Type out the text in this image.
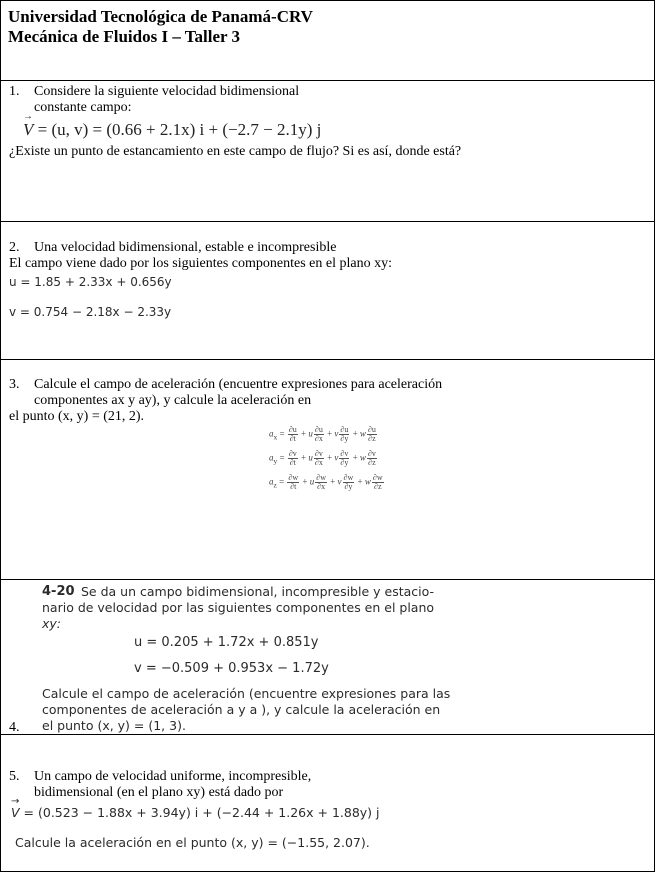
Universidad Tecnológica de Panamá-CRV
Mecánica de Fluidos I – Taller 3
1. Considere la siguiente velocidad bidimensional
constante campo:
→ V = (u, v) = (0.66 + 2.1x) i + (−2.7 − 2.1y) j
¿Existe un punto de estancamiento en este campo de flujo? Si es así, donde está?
2. Una velocidad bidimensional, estable e incompresible
El campo viene dado por los siguientes componentes en el plano xy:
u = 1.85 + 2.33x + 0.656y
v = 0.754 − 2.18x − 2.33y
3. Calcule el campo de aceleración (encuentre expresiones para aceleración
componentes ax y ay), y calcule la aceleración en
el punto (x, y) = (21, 2).
$a_x = \frac{\partial u}{\partial t} + u \frac{\partial u}{\partial x} + v \frac{\partial u}{\partial y} + w \frac{\partial u}{\partial z}$
$a_y = \frac{\partial v}{\partial t} + u \frac{\partial v}{\partial x} + v \frac{\partial v}{\partial y} + w \frac{\partial v}{\partial z}$
$a_z = \frac{\partial w}{\partial t} + u \frac{\partial w}{\partial x} + v \frac{\partial w}{\partial y} + w \frac{\partial w}{\partial z}$
4-20 Se da un campo bidimensional, incompresible y estacio-
nario de velocidad por las siguientes componentes en el plano
xy:
u = 0.205 + 1.72x + 0.851y
v = −0.509 + 0.953x − 1.72y
Calcule el campo de aceleración (encuentre expresiones para las
componentes de aceleración a y a ), y calcule la aceleración en
el punto (x, y) = (1, 3).
4.
5. Un campo de velocidad uniforme, incompresible,
bidimensional (en el plano xy) está dado por
→ V = (0.523 − 1.88x + 3.94y) i + (−2.44 + 1.26x + 1.88y) j
Calcule la aceleración en el punto (x, y) = (−1.55, 2.07).
